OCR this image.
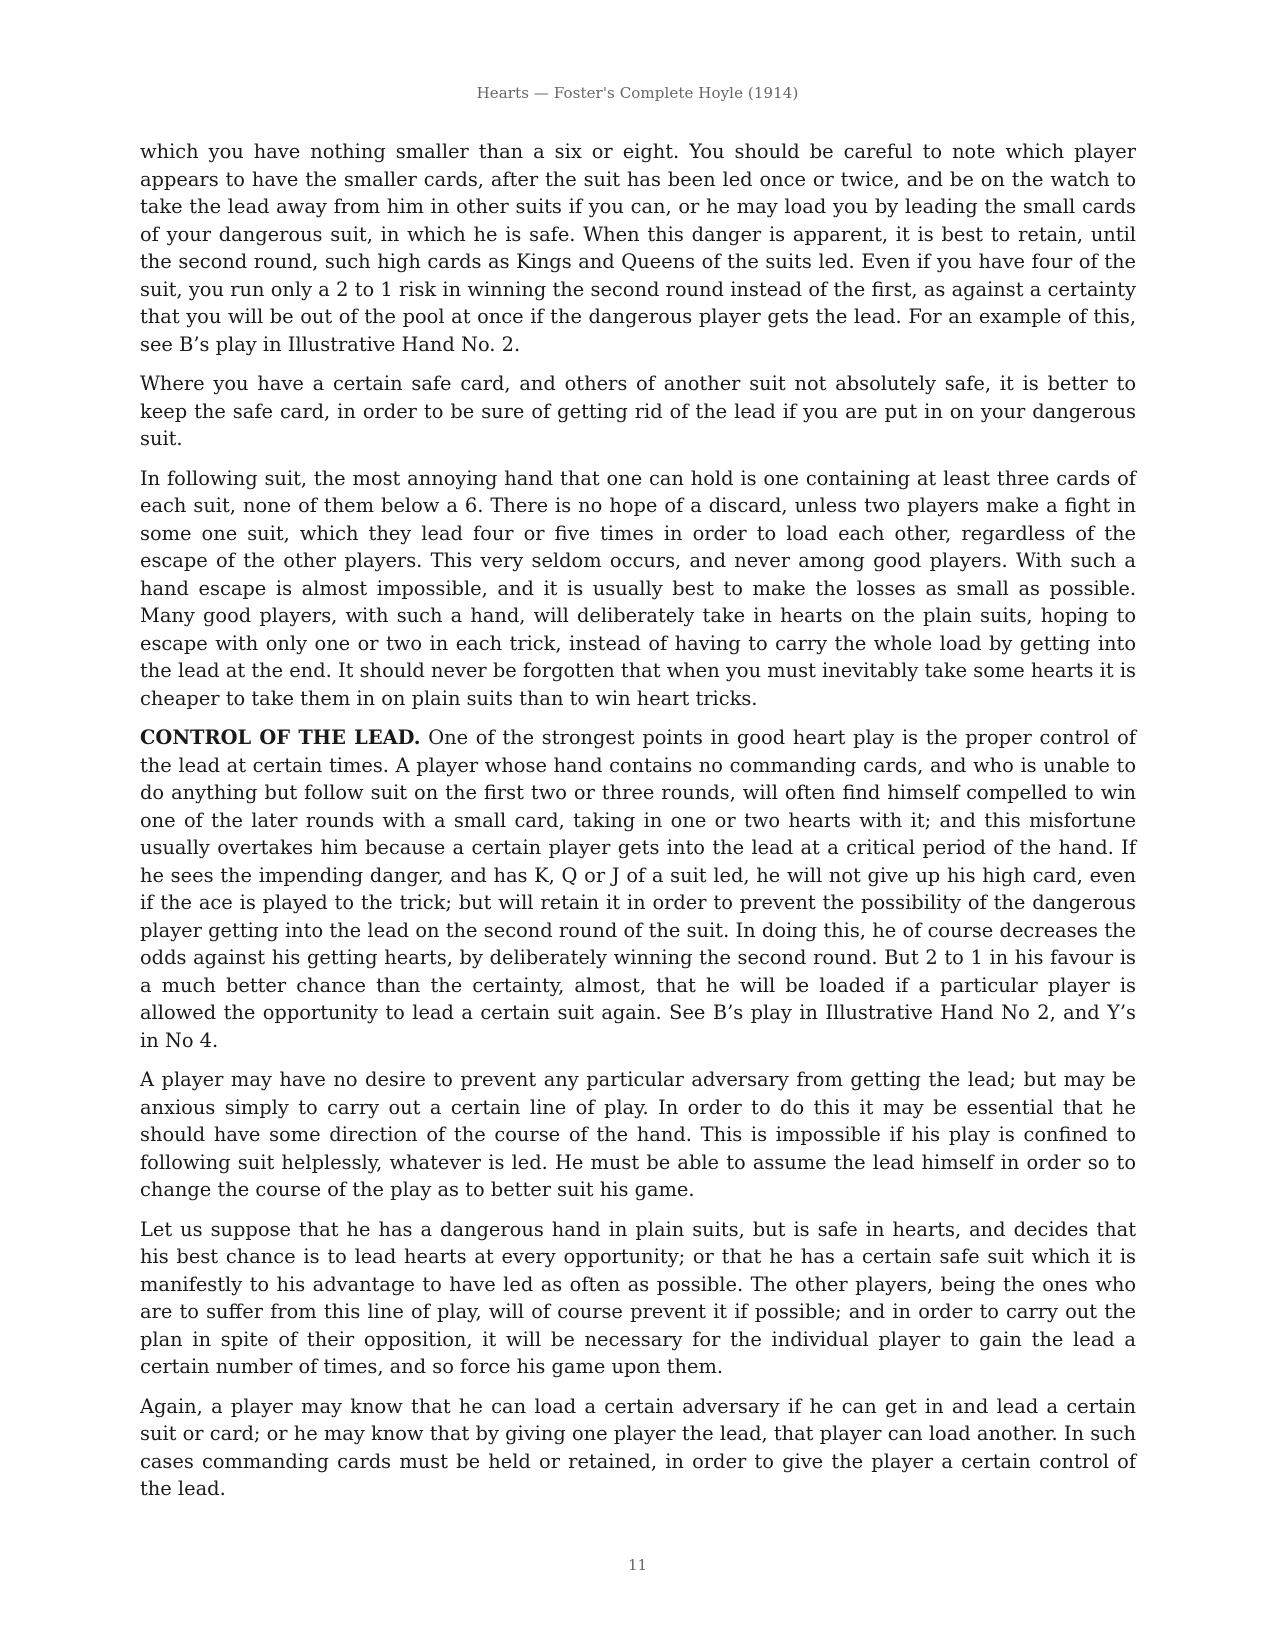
Hearts — Foster's Complete Hoyle (1914)

which you have nothing smaller than a six or eight. You should be careful to note which player appears to have the smaller cards, after the suit has been led once or twice, and be on the watch to take the lead away from him in other suits if you can, or he may load you by leading the small cards of your dangerous suit, in which he is safe. When this danger is apparent, it is best to retain, until the second round, such high cards as Kings and Queens of the suits led. Even if you have four of the suit, you run only a 2 to 1 risk in winning the second round instead of the first, as against a certainty that you will be out of the pool at once if the dangerous player gets the lead. For an example of this, see B’s play in Illustrative Hand No. 2.

Where you have a certain safe card, and others of another suit not absolutely safe, it is better to keep the safe card, in order to be sure of getting rid of the lead if you are put in on your dangerous suit.

In following suit, the most annoying hand that one can hold is one containing at least three cards of each suit, none of them below a 6. There is no hope of a discard, unless two players make a fight in some one suit, which they lead four or five times in order to load each other, regardless of the escape of the other players. This very seldom occurs, and never among good players. With such a hand escape is almost impossible, and it is usually best to make the losses as small as possible. Many good players, with such a hand, will deliberately take in hearts on the plain suits, hoping to escape with only one or two in each trick, instead of having to carry the whole load by getting into the lead at the end. It should never be forgotten that when you must inevitably take some hearts it is cheaper to take them in on plain suits than to win heart tricks.

CONTROL OF THE LEAD. One of the strongest points in good heart play is the proper control of the lead at certain times. A player whose hand contains no commanding cards, and who is unable to do anything but follow suit on the first two or three rounds, will often find himself compelled to win one of the later rounds with a small card, taking in one or two hearts with it; and this misfortune usually overtakes him because a certain player gets into the lead at a critical period of the hand. If he sees the impending danger, and has K, Q or J of a suit led, he will not give up his high card, even if the ace is played to the trick; but will retain it in order to prevent the possibility of the dangerous player getting into the lead on the second round of the suit. In doing this, he of course decreases the odds against his getting hearts, by deliberately winning the second round. But 2 to 1 in his favour is a much better chance than the certainty, almost, that he will be loaded if a particular player is allowed the opportunity to lead a certain suit again. See B’s play in Illustrative Hand No 2, and Y’s in No 4.

A player may have no desire to prevent any particular adversary from getting the lead; but may be anxious simply to carry out a certain line of play. In order to do this it may be essential that he should have some direction of the course of the hand. This is impossible if his play is confined to following suit helplessly, whatever is led. He must be able to assume the lead himself in order so to change the course of the play as to better suit his game.

Let us suppose that he has a dangerous hand in plain suits, but is safe in hearts, and decides that his best chance is to lead hearts at every opportunity; or that he has a certain safe suit which it is manifestly to his advantage to have led as often as possible. The other players, being the ones who are to suffer from this line of play, will of course prevent it if possible; and in order to carry out the plan in spite of their opposition, it will be necessary for the individual player to gain the lead a certain number of times, and so force his game upon them.

Again, a player may know that he can load a certain adversary if he can get in and lead a certain suit or card; or he may know that by giving one player the lead, that player can load another. In such cases commanding cards must be held or retained, in order to give the player a certain control of the lead.

11
